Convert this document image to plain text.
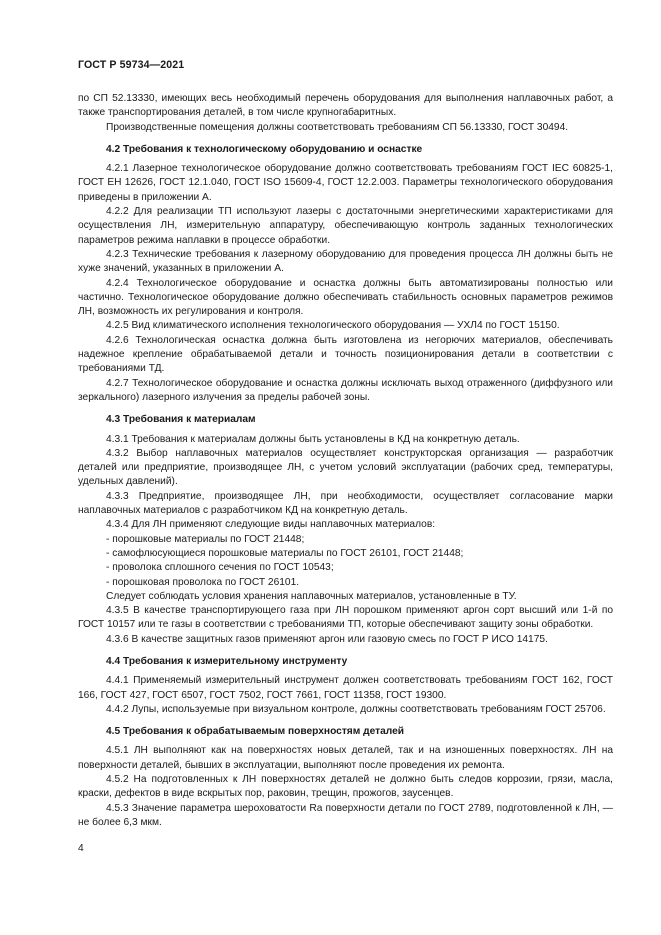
ГОСТ Р 59734—2021

по СП 52.13330, имеющих весь необходимый перечень оборудования для выполнения наплавочных работ, а также транспортирования деталей, в том числе крупногабаритных.

Производственные помещения должны соответствовать требованиям СП 56.13330, ГОСТ 30494.

4.2 Требования к технологическому оборудованию и оснастке

4.2.1 Лазерное технологическое оборудование должно соответствовать требованиям ГОСТ IEC 60825-1, ГОСТ ЕН 12626, ГОСТ 12.1.040, ГОСТ ISO 15609-4, ГОСТ 12.2.003. Параметры технологического оборудования приведены в приложении А.

4.2.2 Для реализации ТП используют лазеры с достаточными энергетическими характеристиками для осуществления ЛН, измерительную аппаратуру, обеспечивающую контроль заданных технологических параметров режима наплавки в процессе обработки.

4.2.3 Технические требования к лазерному оборудованию для проведения процесса ЛН должны быть не хуже значений, указанных в приложении А.

4.2.4 Технологическое оборудование и оснастка должны быть автоматизированы полностью или частично. Технологическое оборудование должно обеспечивать стабильность основных параметров режимов ЛН, возможность их регулирования и контроля.

4.2.5 Вид климатического исполнения технологического оборудования — УХЛ4 по ГОСТ 15150.

4.2.6 Технологическая оснастка должна быть изготовлена из негорючих материалов, обеспечивать надежное крепление обрабатываемой детали и точность позиционирования детали в соответствии с требованиями ТД.

4.2.7 Технологическое оборудование и оснастка должны исключать выход отраженного (диффузного или зеркального) лазерного излучения за пределы рабочей зоны.

4.3 Требования к материалам

4.3.1 Требования к материалам должны быть установлены в КД на конкретную деталь.

4.3.2 Выбор наплавочных материалов осуществляет конструкторская организация — разработчик деталей или предприятие, производящее ЛН, с учетом условий эксплуатации (рабочих сред, температуры, удельных давлений).

4.3.3 Предприятие, производящее ЛН, при необходимости, осуществляет согласование марки наплавочных материалов с разработчиком КД на конкретную деталь.

4.3.4 Для ЛН применяют следующие виды наплавочных материалов:

- порошковые материалы по ГОСТ 21448;

- самофлюсующиеся порошковые материалы по ГОСТ 26101, ГОСТ 21448;

- проволока сплошного сечения по ГОСТ 10543;

- порошковая проволока по ГОСТ 26101.

Следует соблюдать условия хранения наплавочных материалов, установленные в ТУ.

4.3.5 В качестве транспортирующего газа при ЛН порошком применяют аргон сорт высший или 1-й по ГОСТ 10157 или те газы в соответствии с требованиями ТП, которые обеспечивают защиту зоны обработки.

4.3.6 В качестве защитных газов применяют аргон или газовую смесь по ГОСТ Р ИСО 14175.

4.4 Требования к измерительному инструменту

4.4.1 Применяемый измерительный инструмент должен соответствовать требованиям ГОСТ 162, ГОСТ 166, ГОСТ 427, ГОСТ 6507, ГОСТ 7502, ГОСТ 7661, ГОСТ 11358, ГОСТ 19300.

4.4.2 Лупы, используемые при визуальном контроле, должны соответствовать требованиям ГОСТ 25706.

4.5 Требования к обрабатываемым поверхностям деталей

4.5.1 ЛН выполняют как на поверхностях новых деталей, так и на изношенных поверхностях. ЛН на поверхности деталей, бывших в эксплуатации, выполняют после проведения их ремонта.

4.5.2 На подготовленных к ЛН поверхностях деталей не должно быть следов коррозии, грязи, масла, краски, дефектов в виде вскрытых пор, раковин, трещин, прожогов, заусенцев.

4.5.3 Значение параметра шероховатости Ra поверхности детали по ГОСТ 2789, подготовленной к ЛН, — не более 6,3 мкм.

4
